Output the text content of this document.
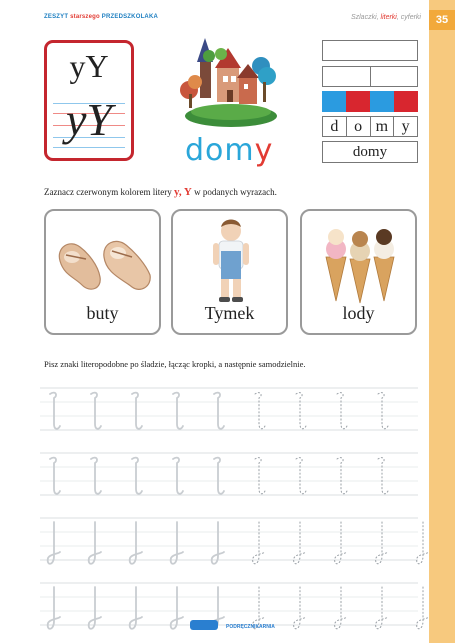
35
ZESZYT starszego PRZEDSZKOLAKA	Szlaczki, literki, cyferki
yY
yY
domy
d o m y
domy
Zaznacz czerwonym kolorem litery y, Y w podanych wyrazach.
buty	Tymek	lody
Pisz znaki literopodobne po śladzie, łącząc kropki, a następnie samodzielnie.
PODRĘCZNIKARNIA
